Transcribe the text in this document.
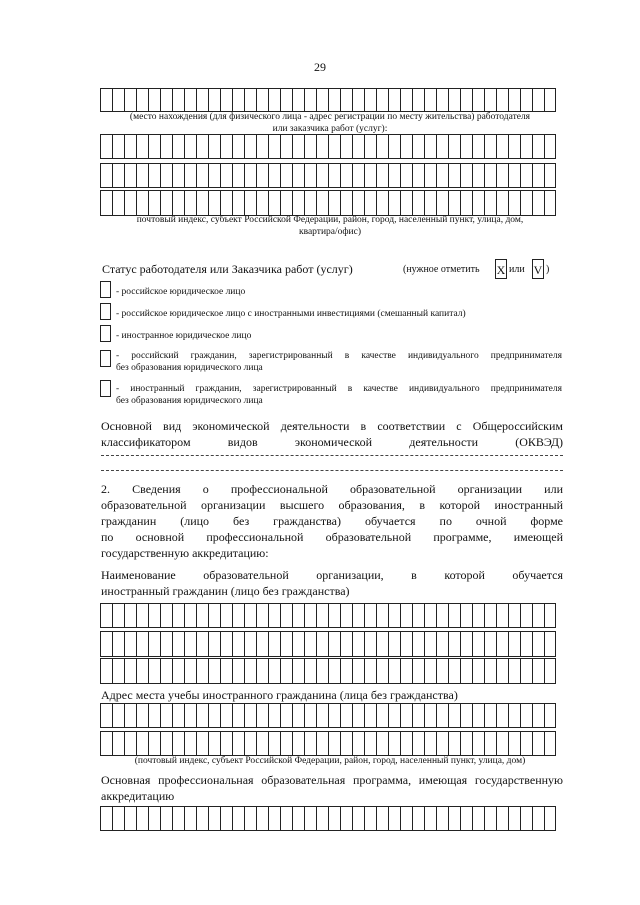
29
(место нахождения (для физического лица - адрес регистрации по месту жительства) работодателя
или заказчика работ (услуг):
почтовый индекс, субъект Российской Федерации, район, город, населенный пункт, улица, дом,
квартира/офис)
Статус работодателя или Заказчика работ (услуг)	(нужное отметить X или V )
- российское юридическое лицо
- российское юридическое лицо с иностранными инвестициями (смешанный капитал)
- иностранное юридическое лицо
- российский гражданин, зарегистрированный в качестве индивидуального предпринимателя
без образования юридического лица
- иностранный гражданин, зарегистрированный в качестве индивидуального предпринимателя
без образования юридического лица
Основной вид экономической деятельности в соответствии с Общероссийским
классификатором видов экономической деятельности (ОКВЭД)
2. Сведения о профессиональной образовательной организации или
образовательной организации высшего образования, в которой иностранный
гражданин (лицо без гражданства) обучается по очной форме
по основной профессиональной образовательной программе, имеющей
государственную аккредитацию:
Наименование образовательной организации, в которой обучается
иностранный гражданин (лицо без гражданства)
Адрес места учебы иностранного гражданина (лица без гражданства)
(почтовый индекс, субъект Российской Федерации, район, город, населенный пункт, улица, дом)
Основная профессиональная образовательная программа, имеющая государственную
аккредитацию
